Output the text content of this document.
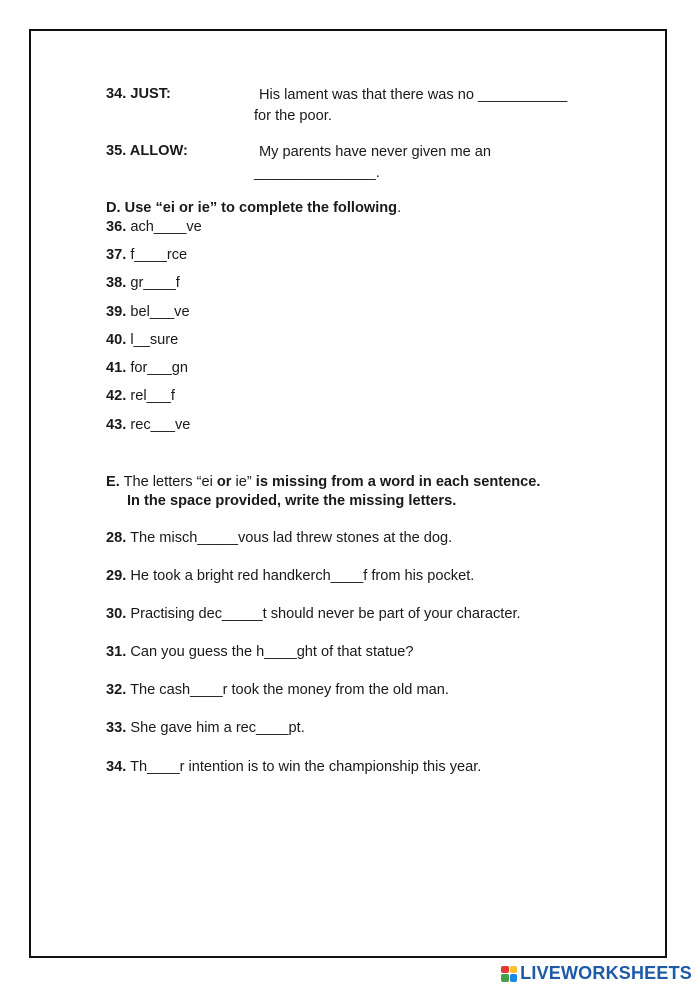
34. JUST:	His lament was that there was no ___________
for the poor.
35. ALLOW:	My parents have never given me an
_______________.
D. Use “ei or ie” to complete the following.
36. ach____ve
37. f____rce
38. gr____f
39. bel___ve
40. l__sure
41. for___gn
42. rel___f
43. rec___ve
E. The letters “ei or ie” is missing from a word in each sentence.
In the space provided, write the missing letters.
28. The misch_____vous lad threw stones at the dog.
29. He took a bright red handkerch____f from his pocket.
30. Practising dec_____t should never be part of your character.
31. Can you guess the h____ght of that statue?
32. The cash____r took the money from the old man.
33. She gave him a rec____pt.
34. Th____r intention is to win the championship this year.
LIVEWORKSHEETS
